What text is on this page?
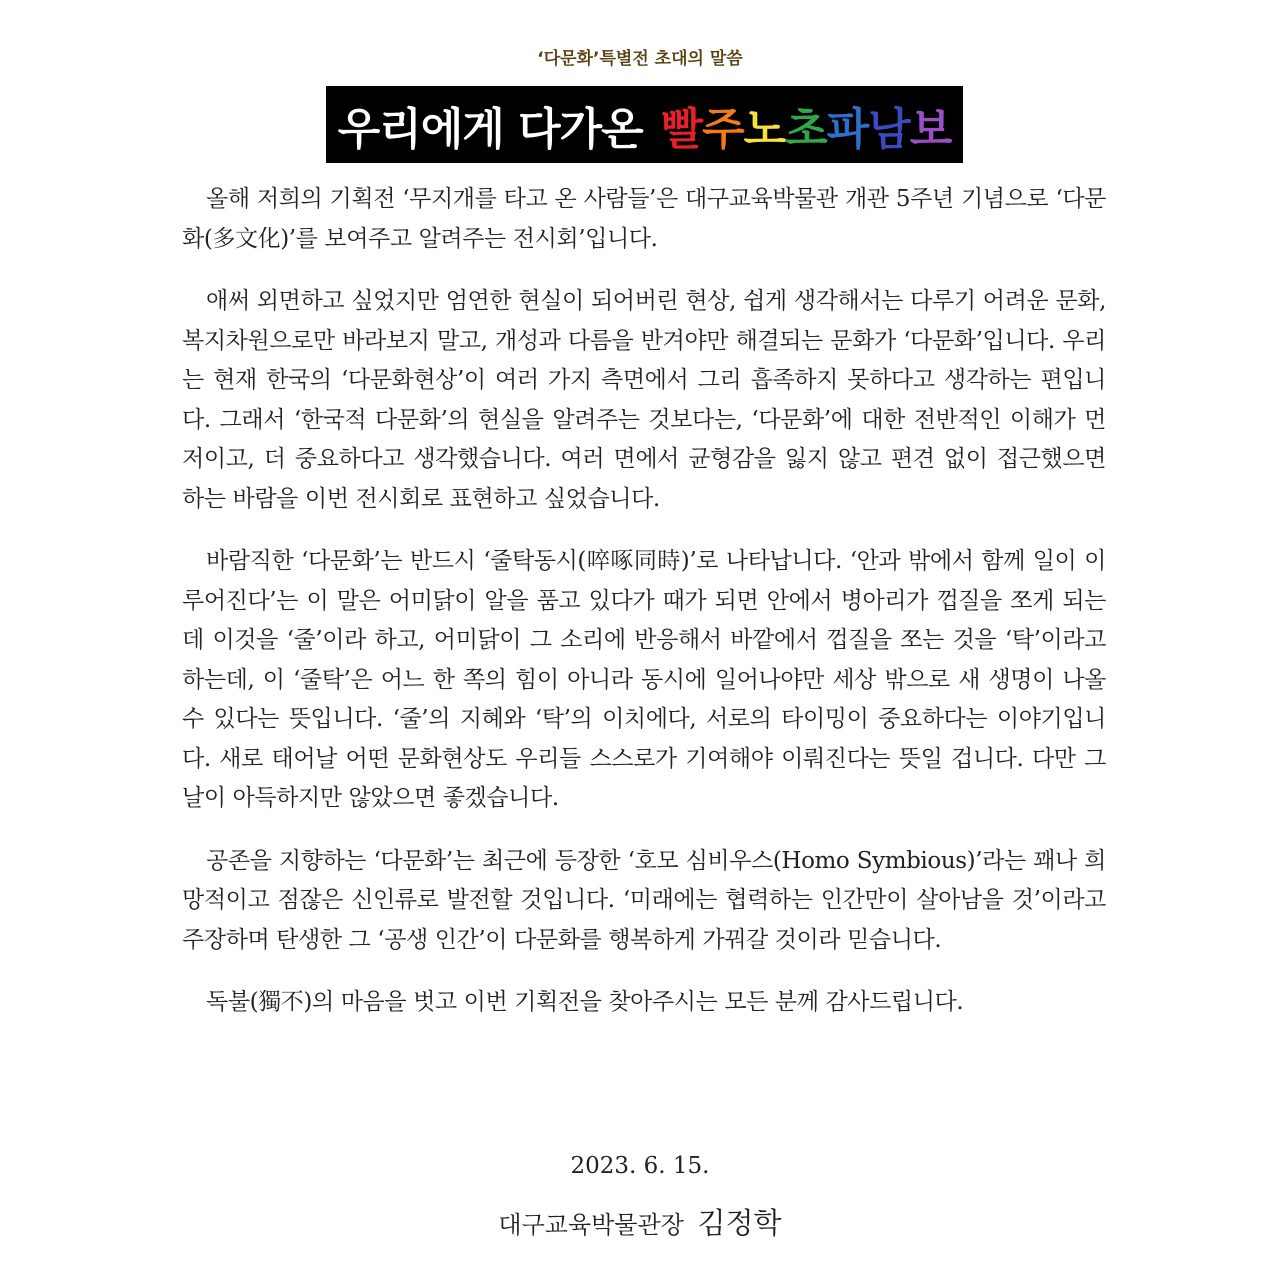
‘다문화’특별전 초대의 말씀
우리에게 다가온 빨 주 노 초 파 남 보

올해 저희의 기획전 ‘무지개를 타고 온 사람들’은 대구교육박물관 개관 5주년 기념으로 ‘다문화(多文化)’를 보여주고 알려주는 전시회’입니다.

애써 외면하고 싶었지만 엄연한 현실이 되어버린 현상, 쉽게 생각해서는 다루기 어려운 문화, 복지차원으로만 바라보지 말고, 개성과 다름을 반겨야만 해결되는 문화가 ‘다문화’입니다. 우리는 현재 한국의 ‘다문화현상’이 여러 가지 측면에서 그리 흡족하지 못하다고 생각하는 편입니다. 그래서 ‘한국적 다문화’의 현실을 알려주는 것보다는, ‘다문화’에 대한 전반적인 이해가 먼저이고, 더 중요하다고 생각했습니다. 여러 면에서 균형감을 잃지 않고 편견 없이 접근했으면 하는 바람을 이번 전시회로 표현하고 싶었습니다.

바람직한 ‘다문화’는 반드시 ‘줄탁동시(啐啄同時)’로 나타납니다. ‘안과 밖에서 함께 일이 이루어진다’는 이 말은 어미닭이 알을 품고 있다가 때가 되면 안에서 병아리가 껍질을 쪼게 되는데 이것을 ‘줄’이라 하고, 어미닭이 그 소리에 반응해서 바깥에서 껍질을 쪼는 것을 ‘탁’이라고 하는데, 이 ‘줄탁’은 어느 한 쪽의 힘이 아니라 동시에 일어나야만 세상 밖으로 새 생명이 나올 수 있다는 뜻입니다. ‘줄’의 지혜와 ‘탁’의 이치에다, 서로의 타이밍이 중요하다는 이야기입니다. 새로 태어날 어떤 문화현상도 우리들 스스로가 기여해야 이뤄진다는 뜻일 겁니다. 다만 그날이 아득하지만 않았으면 좋겠습니다.

공존을 지향하는 ‘다문화’는 최근에 등장한 ‘호모 심비우스(Homo Symbious)’라는 꽤나 희망적이고 점잖은 신인류로 발전할 것입니다. ‘미래에는 협력하는 인간만이 살아남을 것’이라고 주장하며 탄생한 그 ‘공생 인간’이 다문화를 행복하게 가꿔갈 것이라 믿습니다.

독불(獨不)의 마음을 벗고 이번 기획전을 찾아주시는 모든 분께 감사드립니다.

2023. 6. 15.
대구교육박물관장 김정학
